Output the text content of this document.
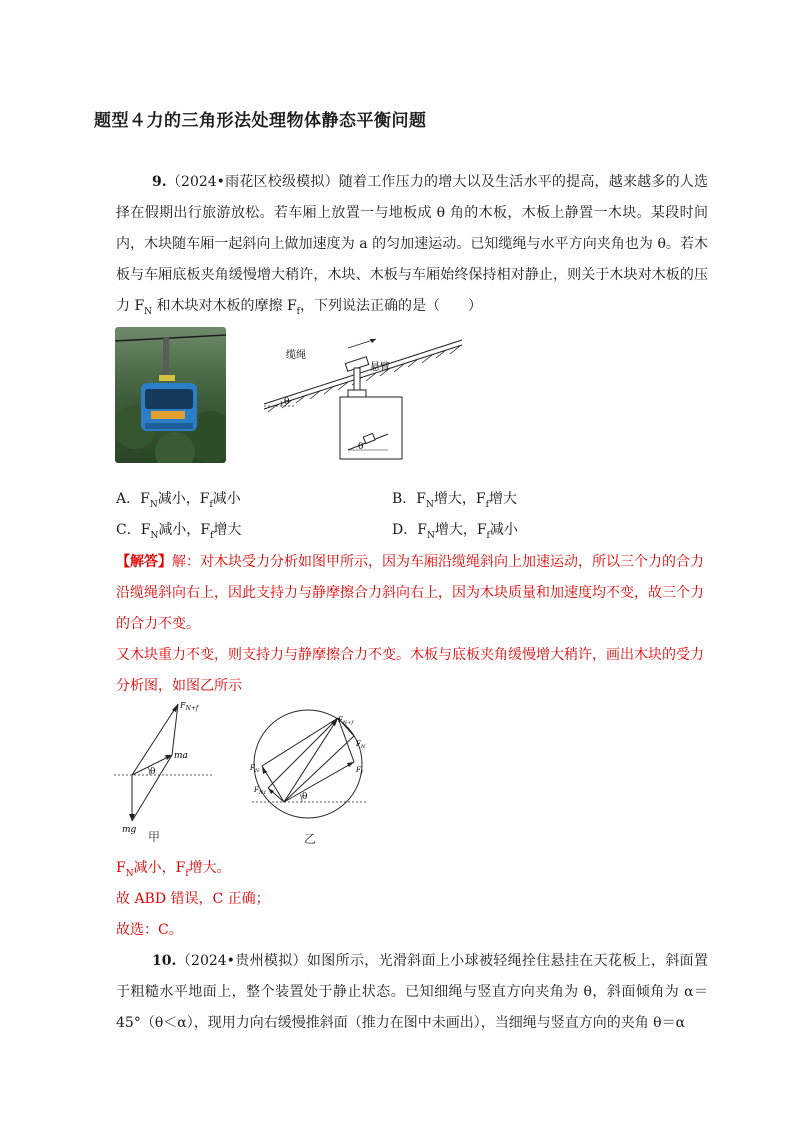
题型４力的三角形法处理物体静态平衡问题
9.（2024•雨花区校级模拟）随着工作压力的增大以及生活水平的提高，越来越多的人选择在假期出行旅游放松。若车厢上放置一与地板成 θ 角的木板，木板上静置一木块。某段时间内，木块随车厢一起斜向上做加速度为 a 的匀加速运动。已知缆绳与水平方向夹角也为 θ。若木板与车厢底板夹角缓慢增大稍许，木块、木板与车厢始终保持相对静止，则关于木块对木板的压力 $F_N$ 和木块对木板的摩擦 $F_f$，下列说法正确的是（　　）
θ
缆绳
悬臂
θ
A．$F_N$减小，$F_f$减小	B．$F_N$增大，$F_f$增大
C．$F_N$减小，$F_f$增大	D．$F_N$增大，$F_f$减小
【解答】解：对木块受力分析如图甲所示，因为车厢沿缆绳斜向上加速运动，所以三个力的合力沿缆绳斜向右上，因此支持力与静摩擦合力斜向右上，因为木块质量和加速度均不变，故三个力的合力不变。
又木块重力不变，则支持力与静摩擦合力不变。木板与底板夹角缓慢增大稍许，画出木块的受力分析图，如图乙所示
θ
$F_{N+f}$
ma
mg 甲
θ
$F_{N+f}$
$F_N$
$F_f$
$F_N$
$F_{N1}$
乙
$F_N$减小，$F_f$增大。
故 ABD 错误，C 正确；
故选：C。
10.（2024•贵州模拟）如图所示，光滑斜面上小球被轻绳拴住悬挂在天花板上，斜面置于粗糙水平地面上，整个装置处于静止状态。已知细绳与竖直方向夹角为 θ，斜面倾角为 α＝45°（θ＜α），现用力向右缓慢推斜面（推力在图中未画出），当细绳与竖直方向的夹角 θ＝α
